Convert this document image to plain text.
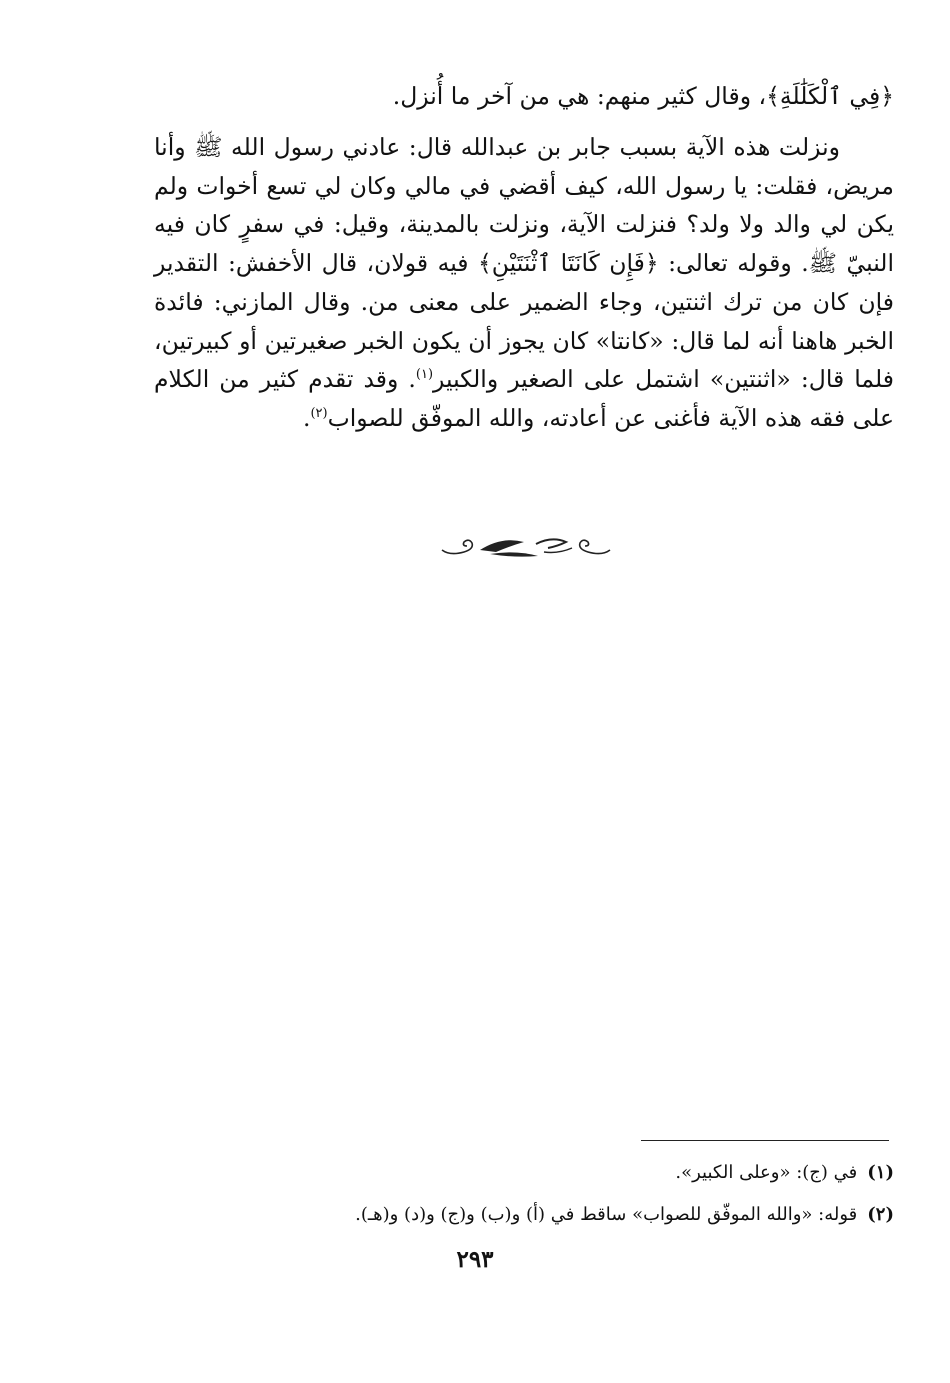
﴿فِي ٱلْكَلَٰلَةِ﴾، وقال كثير منهم: هي من آخر ما أُنزل.

ونزلت هذه الآية بسبب جابر بن عبدالله قال: عادني رسول الله ﷺ وأنا مريض، فقلت: يا رسول الله، كيف أقضي في مالي وكان لي تسع أخوات ولم يكن لي والد ولا ولد؟ فنزلت الآية، ونزلت بالمدينة، وقيل: في سفرٍ كان فيه النبيّ ﷺ. وقوله تعالى: ﴿فَإِن كَانَتَا ٱثْنَتَيْنِ﴾ فيه قولان، قال الأخفش: التقدير فإن كان من ترك اثنتين، وجاء الضمير على معنى من. وقال المازني: فائدة الخبر هاهنا أنه لما قال: «كانتا» كان يجوز أن يكون الخبر صغيرتين أو كبيرتين، فلما قال: «اثنتين» اشتمل على الصغير والكبير$^{(١)}$. وقد تقدم كثير من الكلام على فقه هذه الآية فأغنى عن أعادته، والله الموفّق للصواب$^{(٢)}$.

(١)في (ج): «وعلى الكبير».
(٢)قوله: «والله الموفّق للصواب» ساقط في (أ) و(ب) و(ج) و(د) و(هـ).
٢٩٣
